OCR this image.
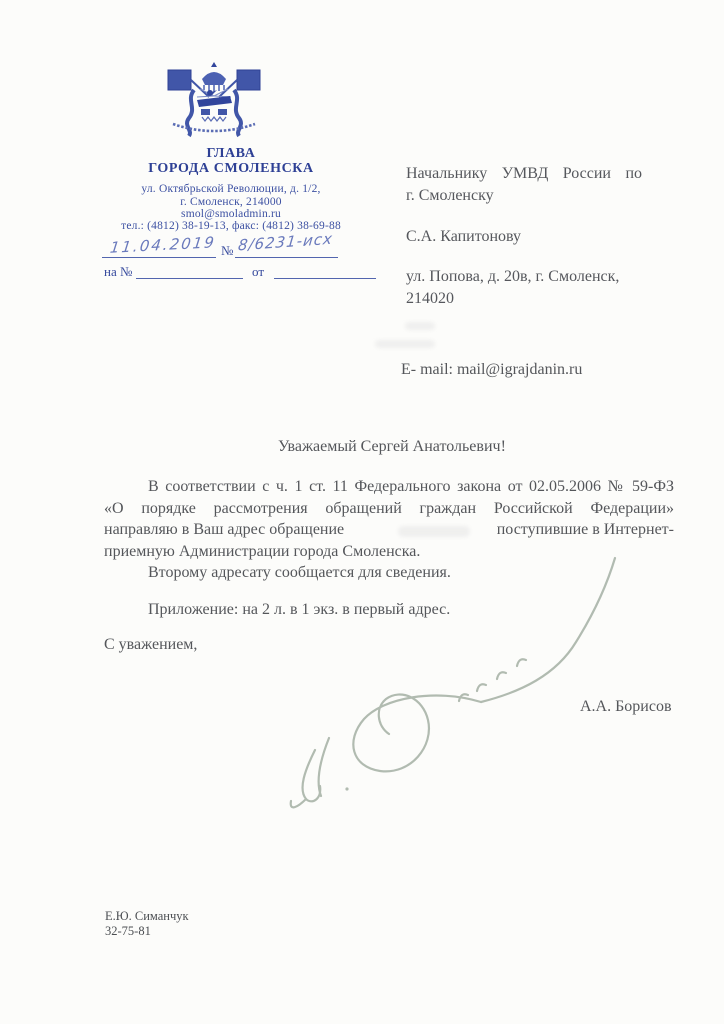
ГЛАВА
ГОРОДА СМОЛЕНСКА
ул. Октябрьской Революции, д. 1/2,
г. Смоленск, 214000
smol@smoladmin.ru
тел.: (4812) 38-19-13, факс: (4812) 38-69-88
11.04.2019 № 8/6231-исх
на №	от
Начальнику УМВД России по
г. Смоленску
С.А. Капитонову
ул. Попова, д. 20в, г. Смоленск,
214020
E- mail: mail@igrajdanin.ru
Уважаемый Сергей Анатольевич!
В соответствии с ч. 1 ст. 11 Федерального закона от 02.05.2006 № 59-ФЗ
«О порядке рассмотрения обращений граждан Российской Федерации»
направляю в Ваш адрес обращение	поступившие в Интернет-
приемную Администрации города Смоленска.
Второму адресату сообщается для сведения.
Приложение: на 2 л. в 1 экз. в первый адрес.
С уважением,
А.А. Борисов
Е.Ю. Симанчук
32-75-81
